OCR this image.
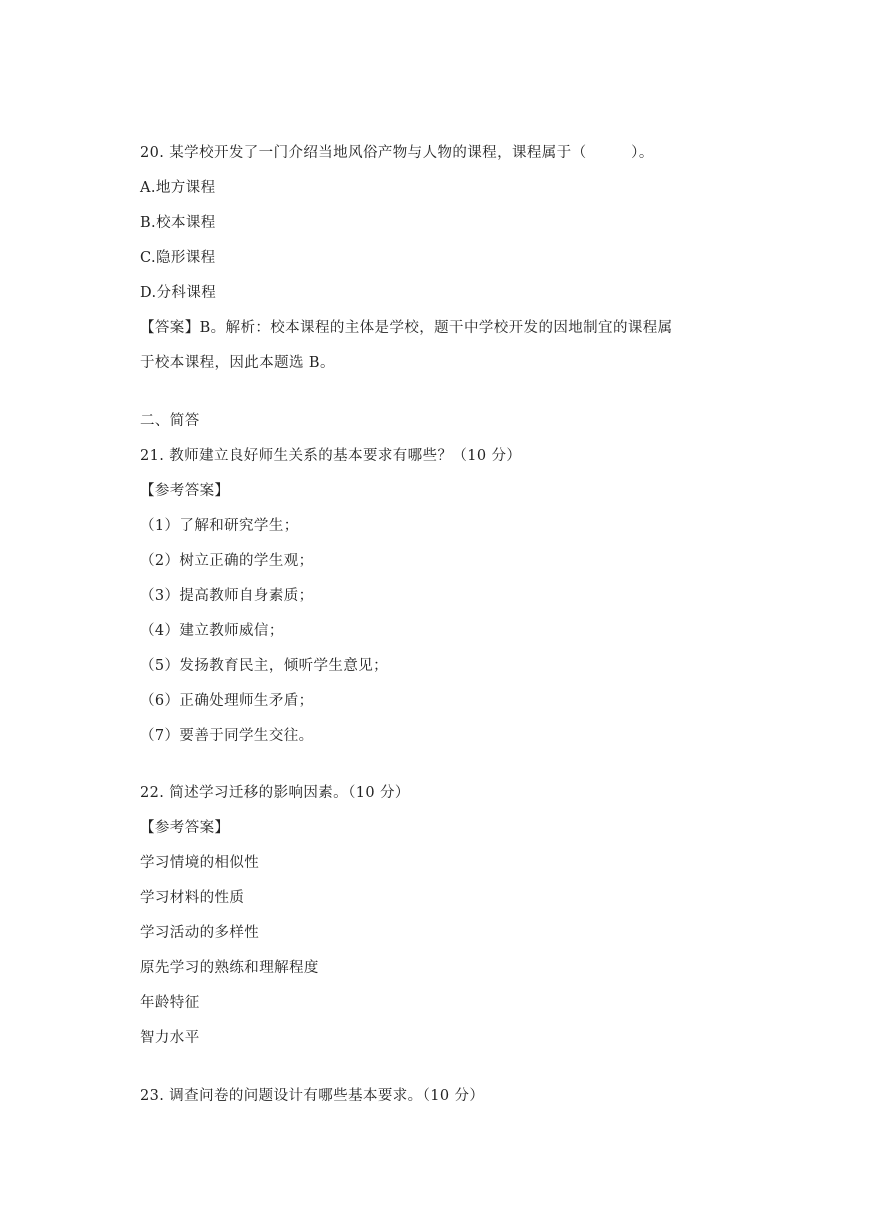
20. 某学校开发了一门介绍当地风俗产物与人物的课程，课程属于（　　　）。
A.地方课程
B.校本课程
C.隐形课程
D.分科课程
【答案】B。解析：校本课程的主体是学校，题干中学校开发的因地制宜的课程属
于校本课程，因此本题选 B。
二、简答
21. 教师建立良好师生关系的基本要求有哪些？（10 分）
【参考答案】
（1）了解和研究学生；
（2）树立正确的学生观；
（3）提高教师自身素质；
（4）建立教师威信；
（5）发扬教育民主，倾听学生意见；
（6）正确处理师生矛盾；
（7）要善于同学生交往。
22. 简述学习迁移的影响因素。（10 分）
【参考答案】
学习情境的相似性
学习材料的性质
学习活动的多样性
原先学习的熟练和理解程度
年龄特征
智力水平
23. 调查问卷的问题设计有哪些基本要求。（10 分）
